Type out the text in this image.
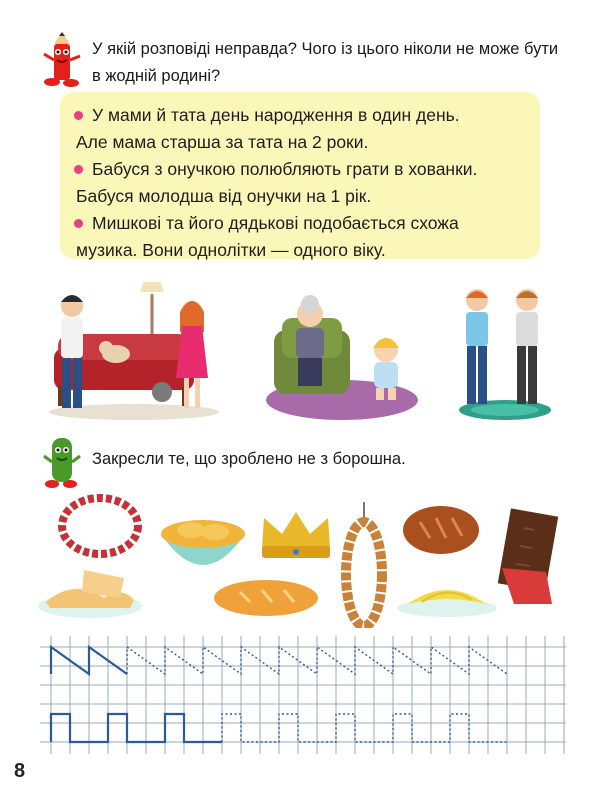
У якій розповіді неправда? Чого із цього ніколи не може бути
в жодній родині?
У мами й тата день народження в один день.
Але мама старша за тата на 2 роки.
Бабуся з онучкою полюбляють грати в хованки.
Бабуся молодша від онучки на 1 рік.
Мишкові та його дядькові подобається схожа
музика. Вони однолітки — одного віку.
Закресли те, що зроблено не з борошна.
8
